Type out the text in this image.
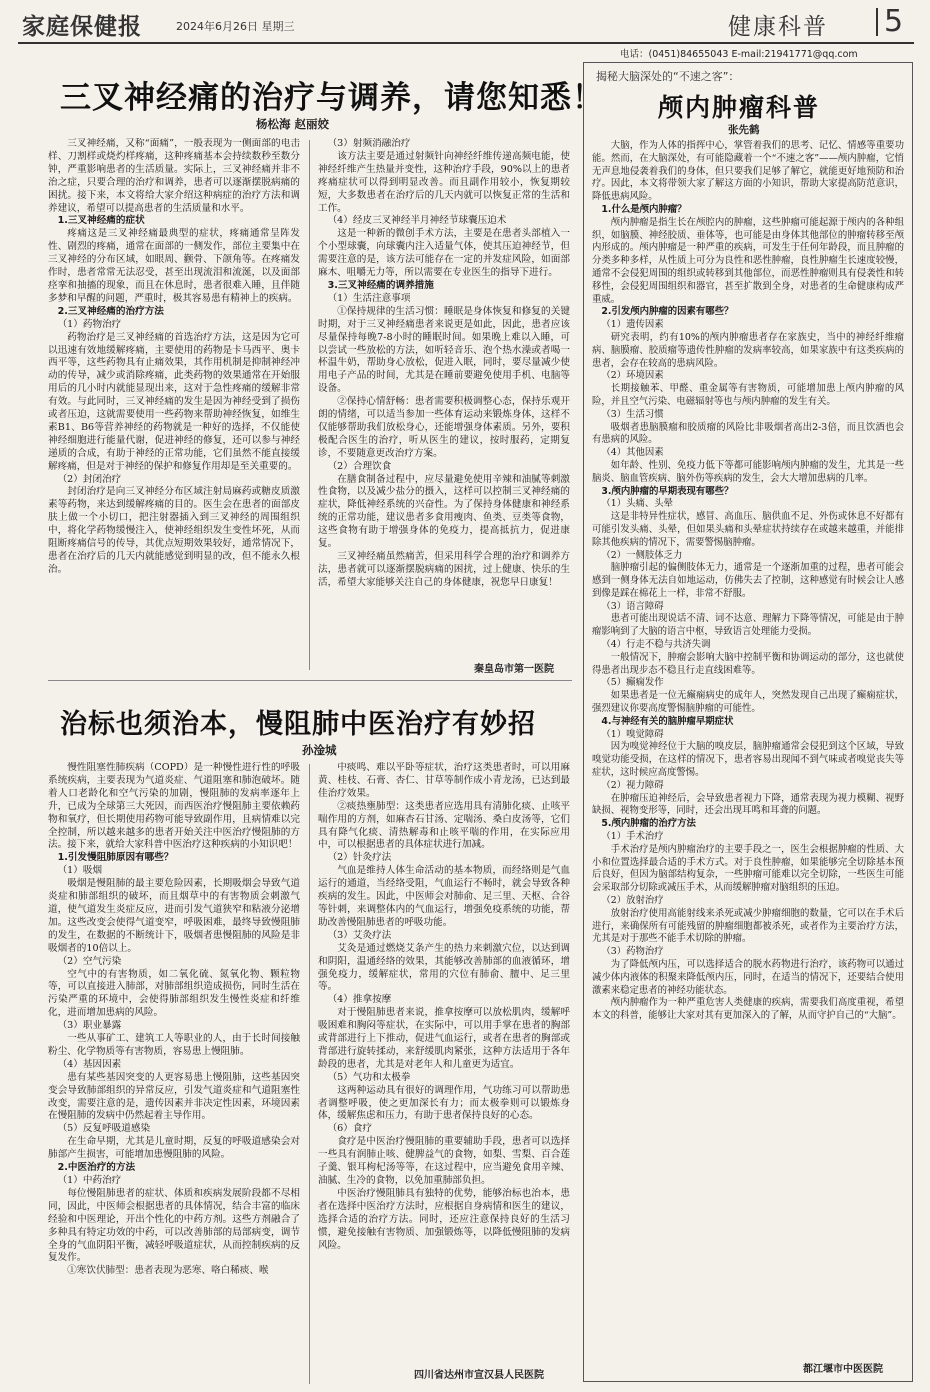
家庭保健报	2024年6月26日 星期三	健康科普 5
电话：(0451)84655043 E-mail:21941771@qq.com
三叉神经痛的治疗与调养，请您知悉！
杨松海 赵丽姣

三叉神经痛，又称“面痛”，一般表现为一侧面部的电击样、刀割样或烧灼样疼痛，这种疼痛基本会持续数秒至数分钟，严重影响患者的生活质量。实际上，三叉神经痛并非不治之症，只要合理的治疗和调养，患者可以逐渐摆脱病痛的困扰。接下来，本文将给大家介绍这种病症的治疗方法和调养建议，希望可以提高患者的生活质量和水平。

1.三叉神经痛的症状

疼痛这是三叉神经痛最典型的症状，疼痛通常呈阵发性、剧烈的疼痛，通常在面部的一侧发作，部位主要集中在三叉神经的分布区域，如眼周、颧骨、下颌角等。在疼痛发作时，患者常常无法忍受，甚至出现流泪和流涎，以及面部痉挛和抽搐的现象，而且在休息时，患者很难入睡，且伴随多梦和早醒的问题，严重时，极其容易患有精神上的疾病。

2.三叉神经痛的治疗方法

（1）药物治疗

药物治疗是三叉神经痛的首选治疗方法，这是因为它可以迅速有效地缓解疼痛，主要使用的药物是卡马西平、奥卡西平等，这些药物具有止痛效果，其作用机制是抑制神经冲动的传导，减少或消除疼痛，此类药物的效果通常在开始服用后的几小时内就能显现出来，这对于急性疼痛的缓解非常有效。与此同时，三叉神经痛的发生是因为神经受到了损伤或者压迫，这就需要使用一些药物来帮助神经恢复，如维生素B1、B6等营养神经的药物就是一种好的选择，不仅能使神经细胞进行能量代谢，促进神经的修复，还可以参与神经递质的合成，有助于神经的正常功能，它们虽然不能直接缓解疼痛，但是对于神经的保护和修复作用却是至关重要的。

（2）封闭治疗

封闭治疗是向三叉神经分布区域注射局麻药或糖皮质激素等药物，来达到缓解疼痛的目的。医生会在患者的面部皮肤上做一个小切口，把注射器插入到三叉神经的周围组织中，将化学药物缓慢注入，使神经组织发生变性坏死，从而阻断疼痛信号的传导，其优点短期效果较好，通常情况下，患者在治疗后的几天内就能感觉到明显的改，但不能永久根治。

（3）射频消融治疗

该方法主要是通过射频针向神经纤维传递高频电能，使神经纤维产生热量并变性，这种治疗手段，90%以上的患者疼痛症状可以得到明显改善。而且副作用较小，恢复期较短，大多数患者在治疗后的几天内就可以恢复正常的生活和工作。

（4）经皮三叉神经半月神经节球囊压迫术

这是一种新的微创手术方法，主要是在患者头部植入一个小型球囊，向球囊内注入适量气体，使其压迫神经节，但需要注意的是，该方法可能存在一定的并发症风险，如面部麻木、咀嚼无力等，所以需要在专业医生的指导下进行。

3.三叉神经痛的调养措施

（1）生活注意事项

①保持规律的生活习惯：睡眠是身体恢复和修复的关键时期，对于三叉神经痛患者来说更是如此，因此，患者应该尽量保持每晚7-8小时的睡眠时间。如果晚上难以入睡，可以尝试一些放松的方法，如听轻音乐、泡个热水澡或者喝一杯温牛奶，帮助身心放松，促进入眠，同时，要尽量减少使用电子产品的时间，尤其是在睡前要避免使用手机、电脑等设备。

②保持心情舒畅：患者需要积极调整心态，保持乐观开朗的情绪，可以适当参加一些体育运动来锻炼身体，这样不仅能够帮助我们放松身心，还能增强身体素质。另外，要积极配合医生的治疗，听从医生的建议，按时服药，定期复诊，不要随意更改治疗方案。

（2）合理饮食

在膳食制备过程中，应尽量避免使用辛辣和油腻等刺激性食物，以及减少盐分的摄入，这样可以控制三叉神经痛的症状，降低神经系统的兴奋性。为了保持身体健康和神经系统的正常功能，建议患者多食用瘦肉、鱼类、豆类等食物，这些食物有助于增强身体的免疫力，提高抵抗力，促进康复。

三叉神经痛虽然痛苦，但采用科学合理的治疗和调养方法，患者就可以逐渐摆脱病痛的困扰，过上健康、快乐的生活，希望大家能够关注自己的身体健康，祝您早日康复！

秦皇岛市第一医院
治标也须治本，慢阻肺中医治疗有妙招
孙淦城

慢性阻塞性肺疾病（COPD）是一种慢性进行性的呼吸系统疾病，主要表现为气道炎症、气道阻塞和肺泡破坏。随着人口老龄化和空气污染的加剧，慢阻肺的发病率逐年上升，已成为全球第三大死因，而西医治疗慢阻肺主要依赖药物和氧疗，但长期使用药物可能导致副作用，且病情难以完全控制，所以越来越多的患者开始关注中医治疗慢阻肺的方法。接下来，就给大家科普中医治疗这种疾病的小知识吧！

1.引发慢阻肺原因有哪些？

（1）吸烟

吸烟是慢阻肺的最主要危险因素，长期吸烟会导致气道炎症和肺部组织的破坏，而且烟草中的有害物质会刺激气道，使气道发生炎症反应，进而引发气道狭窄和粘液分泌增加。这些改变会使得气道变窄，呼吸困难，最终导致慢阻肺的发生，在数据的不断统计下，吸烟者患慢阻肺的风险是非吸烟者的10倍以上。

（2）空气污染

空气中的有害物质，如二氧化硫、氮氧化物、颗粒物等，可以直接进入肺部，对肺部组织造成损伤，同时生活在污染严重的环境中，会使得肺部组织发生慢性炎症和纤维化，进而增加患病的风险。

（3）职业暴露

一些从事矿工、建筑工人等职业的人，由于长时间接触粉尘、化学物质等有害物质，容易患上慢阻肺。

（4）基因因素

患有某些基因突变的人更容易患上慢阻肺，这些基因突变会导致肺部组织的异常反应，引发气道炎症和气道阻塞性改变，需要注意的是，遗传因素并非决定性因素，环境因素在慢阻肺的发病中仍然起着主导作用。

（5）反复呼吸道感染

在生命早期，尤其是儿童时期，反复的呼吸道感染会对肺部产生损害，可能增加患慢阻肺的风险。

2.中医治疗的方法

（1）中药治疗

每位慢阻肺患者的症状、体质和疾病发展阶段都不尽相同，因此，中医师会根据患者的具体情况，结合丰富的临床经验和中医理论，开出个性化的中药方剂。这些方剂融合了多种具有特定功效的中药，可以改善肺部的局部病变，调节全身的气血阴阳平衡，减轻呼吸道症状，从而控制疾病的反复发作。

①寒饮伏肺型：患者表现为恶寒、咯白稀痰、喉

中痰鸣、难以平卧等症状，治疗这类患者时，可以用麻黄、桂枝、石膏、杏仁、甘草等制作成小青龙汤，已达到最佳治疗效果。

②痰热壅肺型：这类患者应选用具有清肺化痰、止咳平喘作用的方剂，如麻杏石甘汤、定喘汤、桑白皮汤等，它们具有降气化痰、清热解毒和止咳平喘的作用，在实际应用中，可以根据患者的具体症状进行加减。

（2）针灸疗法

气血是维持人体生命活动的基本物质，而经络则是气血运行的通道，当经络受阻，气血运行不畅时，就会导致各种疾病的发生。因此，中医师会对肺俞、足三里、天枢、合谷等针刺，来调整体内的气血运行，增强免疫系统的功能，帮助改善慢阻肺患者的呼吸功能。

（3）艾灸疗法

艾灸是通过燃烧艾条产生的热力来刺激穴位，以达到调和阴阳，温通经络的效果，其能够改善肺部的血液循环，增强免疫力，缓解症状，常用的穴位有肺俞、膻中、足三里等。

（4）推拿按摩

对于慢阻肺患者来说，推拿按摩可以放松肌肉，缓解呼吸困难和胸闷等症状，在实际中，可以用手掌在患者的胸部或背部进行上下推动，促进气血运行，或者在患者的胸部或背部进行旋转揉动，来舒缓肌肉紧张，这种方法适用于各年龄段的患者，尤其是对老年人和儿童更为适宜。

（5）气功和太极拳

这两种运动具有很好的调理作用，气功练习可以帮助患者调整呼吸，使之更加深长有力；而太极拳则可以锻炼身体，缓解焦虑和压力，有助于患者保持良好的心态。

（6）食疗

食疗是中医治疗慢阻肺的重要辅助手段，患者可以选择一些具有润肺止咳、健脾益气的食物，如梨、雪梨、百合莲子羹、银耳枸杞汤等等，在这过程中，应当避免食用辛辣、油腻、生冷的食物，以免加重肺部负担。

中医治疗慢阻肺具有独特的优势，能够治标也治本，患者在选择中医治疗方法时，应根据自身病情和医生的建议，选择合适的治疗方法。同时，还应注意保持良好的生活习惯，避免接触有害物质、加强锻炼等，以降低慢阻肺的发病风险。

四川省达州市宣汉县人民医院
揭秘大脑深处的“不速之客”：
颅内肿瘤科普
张先鹤

大脑，作为人体的指挥中心，掌管着我们的思考、记忆、情感等重要功能。然而，在大脑深处，有可能隐藏着一个“不速之客”——颅内肿瘤，它悄无声息地侵袭着我们的身体，但只要我们足够了解它，就能更好地预防和治疗。因此，本文将带领大家了解这方面的小知识，帮助大家提高防范意识，降低患病风险。

1.什么是颅内肿瘤？

颅内肿瘤是指生长在颅腔内的肿瘤，这些肿瘤可能起源于颅内的各种组织，如脑膜、神经胶质、垂体等，也可能是由身体其他部位的肿瘤转移至颅内形成的。颅内肿瘤是一种严重的疾病，可发生于任何年龄段，而且肿瘤的分类多种多样，从性质上可分为良性和恶性肿瘤，良性肿瘤生长速度较慢，通常不会侵犯周围的组织或转移到其他部位，而恶性肿瘤则具有侵袭性和转移性，会侵犯周围组织和器官，甚至扩散到全身，对患者的生命健康构成严重威。

2.引发颅内肿瘤的因素有哪些？

（1）遗传因素

研究表明，约有10%的颅内肿瘤患者存在家族史，当中的神经纤维瘤病、脑膜瘤、胶质瘤等遗传性肿瘤的发病率较高，如果家族中有这类疾病的患者，会存在较高的患病风险。

（2）环境因素

长期接触苯、甲醛、重金属等有害物质，可能增加患上颅内肿瘤的风险，并且空气污染、电磁辐射等也与颅内肿瘤的发生有关。

（3）生活习惯

吸烟者患脑膜瘤和胶质瘤的风险比非吸烟者高出2-3倍，而且饮酒也会有患病的风险。

（4）其他因素

如年龄、性别、免疫力低下等都可能影响颅内肿瘤的发生，尤其是一些脑炎、脑血管疾病、脑外伤等疾病的发生，会大大增加患病的几率。

3.颅内肿瘤的早期表现有哪些？

（1）头痛、头晕

这是非特异性症状，感冒、高血压、脑供血不足、外伤或休息不好都有可能引发头痛、头晕，但如果头痛和头晕症状持续存在或越来越重，并能排除其他疾病的情况下，需要警惕脑肿瘤。

（2）一侧肢体乏力

脑肿瘤引起的偏侧肢体无力，通常是一个逐渐加重的过程，患者可能会感到一侧身体无法自如地运动，仿佛失去了控制，这种感觉有时候会让人感到像是踩在棉花上一样，非常不舒服。

（3）语言障碍

患者可能出现说话不清、词不达意、理解力下降等情况，可能是由于肿瘤影响到了大脑的语言中枢，导致语言处理能力受损。

（4）行走不稳与共济失调

一般情况下，肿瘤会影响大脑中控制平衡和协调运动的部分，这也就使得患者出现步态不稳且行走直线困难等。

（5）癫痫发作

如果患者是一位无癫痫病史的成年人，突然发现自己出现了癫痫症状，强烈建议你要高度警惕脑肿瘤的可能性。

4.与神经有关的脑肿瘤早期症状

（1）嗅觉障碍

因为嗅觉神经位于大脑的嗅皮层，脑肿瘤通常会侵犯到这个区域，导致嗅觉功能受损，在这样的情况下，患者容易出现闻不到气味或者嗅觉丧失等症状，这时候应高度警惕。

（2）视力障碍

在肿瘤压迫神经后，会导致患者视力下降，通常表现为视力模糊、视野缺损、视物变形等，同时，还会出现耳鸣和耳聋的问题。

5.颅内肿瘤的治疗方法

（1）手术治疗

手术治疗是颅内肿瘤治疗的主要手段之一，医生会根据肿瘤的性质、大小和位置选择最合适的手术方式。对于良性肿瘤，如果能够完全切除基本预后良好，但因为脑部结构复杂，一些肿瘤可能难以完全切除，一些医生可能会采取部分切除或减压手术，从而缓解肿瘤对脑组织的压迫。

（2）放射治疗

放射治疗使用高能射线来杀死或减少肿瘤细胞的数量，它可以在手术后进行，来确保所有可能残留的肿瘤细胞都被杀死，或者作为主要治疗方法，尤其是对于那些不能手术切除的肿瘤。

（3）药物治疗

为了降低颅内压，可以选择适合的脱水药物进行治疗，该药物可以通过减少体内液体的积聚来降低颅内压，同时，在适当的情况下，还要结合使用激素来稳定患者的神经功能状态。

颅内肿瘤作为一种严重危害人类健康的疾病，需要我们高度重视，希望本文的科普，能够让大家对其有更加深入的了解，从而守护自己的“大脑”。

都江堰市中医医院
